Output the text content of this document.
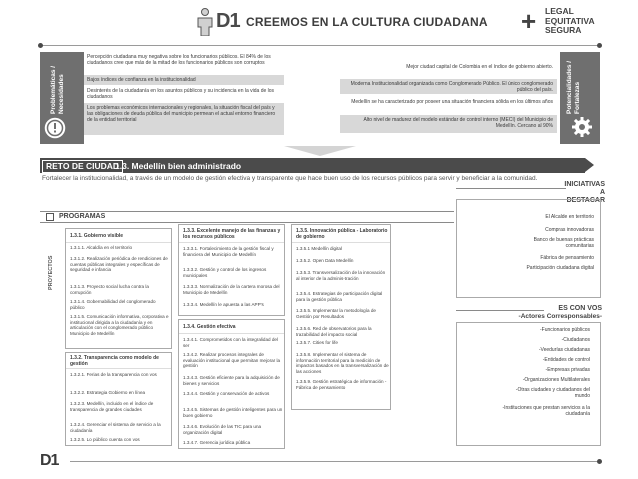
D1 CREEMOS EN LA CULTURA CIUDADANA + LEGAL
EQUITATIVA
SEGURA
Problemáticas / Necesidades
Percepción ciudadana muy negativa sobre los funcionarios públicos. El 84% de los ciudadanos cree que más de la mitad de los funcionarios públicos son corruptos
Bajos índices de confianza en la institucionalidad
Desinterés de la ciudadanía en los asuntos públicos y su incidencia en la vida de los ciudadanos
Los problemas económicos internacionales y regionales, la situación fiscal del país y las obligaciones de deuda pública del municipio permean el actual entorno financiero de la entidad territorial
Potencialidades / Fortalezas
Mejor ciudad capital de Colombia en el índice de gobierno abierto.
Moderna Institucionalidad organizada como Conglomerado Público. El único conglomerado público del país.
Medellín se ha caracterizado por poseer una situación financiera sólida en los últimos años
Alto nivel de madurez del modelo estándar de control interno (MECI) del Municipio de Medellín. Cercano al 90%
RETO DE CIUDAD
1.3. Medellín bien administrado
Fortalecer la institucionalidad, a través de un modelo de gestión efectiva y transparente que hace buen uso de los recursos públicos para servir y beneficiar a la comunidad.
PROGRAMAS
PROYECTOS
1.3.1. Gobierno visible
1.3.1.1. Alcaldía en el territorio
1.3.1.2. Realización periódica de rendiciones de cuentas públicas integrales y específicas de seguridad e infancia
1.3.1.3. Proyecto social lucha contra la corrupción
1.3.1.4. Gobernabilidad del conglomerado público
1.3.1.5. Comunicación informativa, corporativa e institucional dirigida a la ciudadanía y en articulación con el conglomerado público Municipio de Medellín
1.3.2. Transparencia como modelo de gestión
1.3.2.1. Ferias de la transparencia con vos
1.3.2.2. Estrategia Gobierno en línea
1.3.2.3. Medellín, incluido en el índice de transparencia de grandes ciudades
1.3.2.4. Gerenciar el sistema de servicio a la ciudadanía
1.3.2.5. Lo público cuenta con vos
1.3.3. Excelente manejo de las finanzas y los recursos públicos
1.3.3.1. Fortalecimiento de la gestión fiscal y financiera del Municipio de Medellín
1.3.3.2. Gestión y control de los ingresos municipales
1.3.3.3. Normalización de la cartera morosa del Municipio de Medellín
1.3.3.4. Medellín le apuesta a las APP's
1.3.4. Gestión efectiva
1.3.4.1. Comprometidos con la integralidad del ser
1.3.4.2. Realizar procesos integrales de evaluación institucional que permitan mejorar la gestión
1.3.4.3. Gestión eficiente para la adquisición de bienes y servicios
1.3.4.4. Gestión y conservación de activos
1.3.4.5. Sistemas de gestión inteligentes para un buen gobierno
1.3.4.6. Evolución de las TIC para una organización digital
1.3.4.7. Gerencia jurídica pública
1.3.5. Innovación pública - Laboratorio de gobierno
1.3.5.1 Medellín digital
1.3.5.2. Open Data Medellín
1.3.5.3. Transversalización de la innovación al interior de la adminis-tración
1.3.5.4. Estrategias de participación digital para la gestión pública
1.3.5.5. Implementar la metodología de Gestión por Resultados
1.3.5.6. Red de observatorios para la trazabilidad del impacto social
1.3.5.7. Cities for life
1.3.5.8. Implementar el sistema de información territorial para la medición de impactos basados en la transversalización de las acciones
1.3.5.9. Gestión estratégica de información - Fábrica de pensamiento
INICIATIVAS A
DESTACAR
El Alcalde en territorio
Compras innovadoras
Banco de buenas prácticas comunitarias
Fábrica de pensamiento
Participación ciudadana digital
ES CON VOS
-Actores Corresponsables-
-Funcionarios públicos
-Ciudadanos
-Veedurías ciudadanas
-Entidades de control
-Empresas privadas
-Organizaciones Multilaterales
-Otras ciudades y ciudadanos del mundo
-Instituciones que prestan servicios a la ciudadanía
D1
